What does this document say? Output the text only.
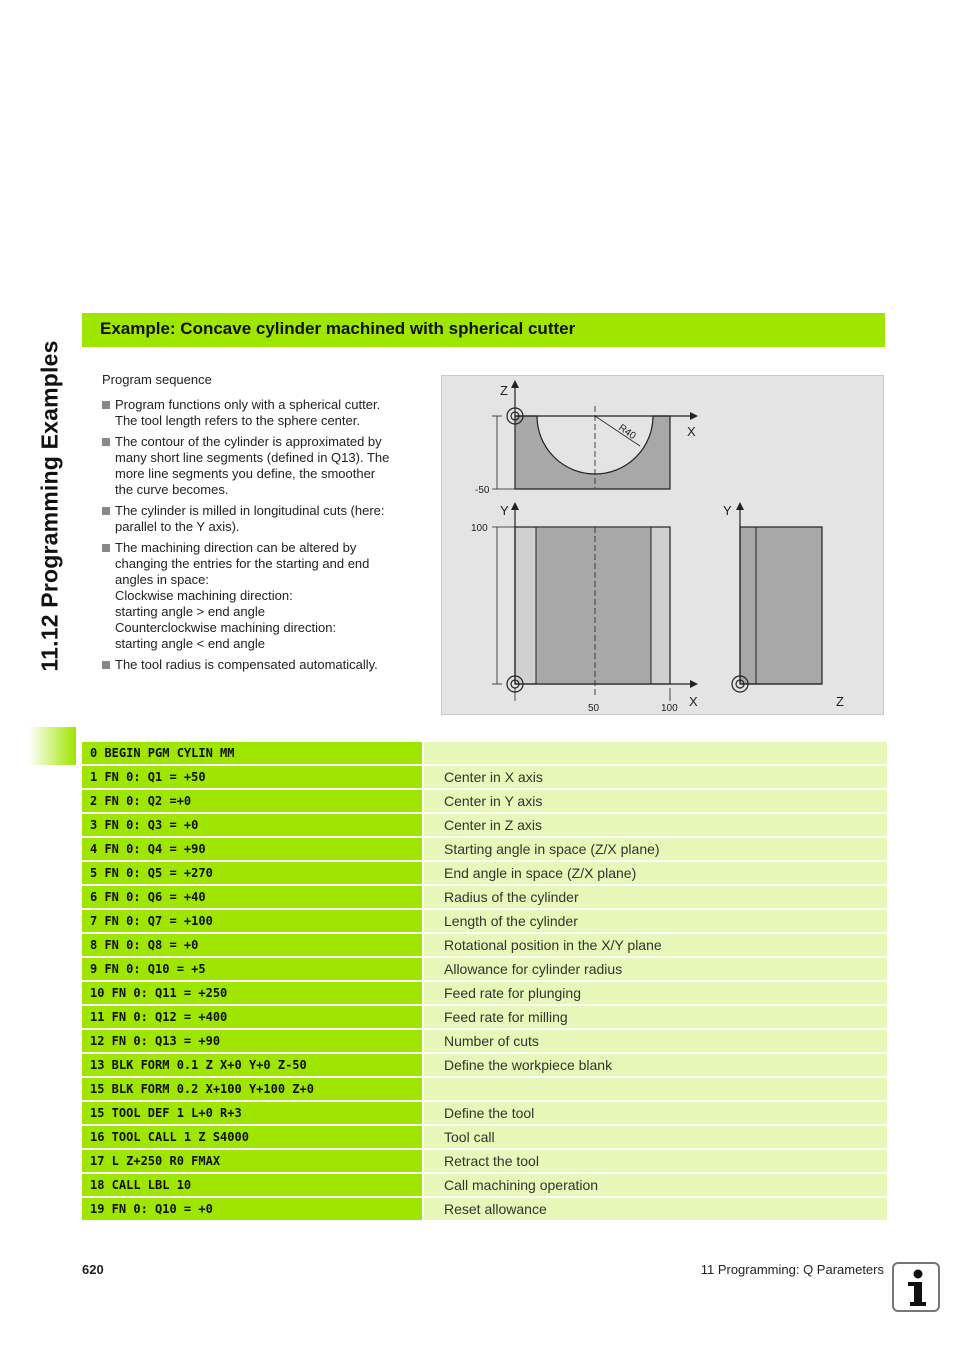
11.12 Programming Examples
Example: Concave cylinder machined with spherical cutter
Program sequence
Program functions only with a spherical cutter.
The tool length refers to the sphere center.
The contour of the cylinder is approximated by
many short line segments (defined in Q13). The
more line segments you define, the smoother
the curve becomes.
The cylinder is milled in longitudinal cuts (here:
parallel to the Y axis).
The machining direction can be altered by
changing the entries for the starting and end
angles in space:
Clockwise machining direction:
starting angle > end angle
Counterclockwise machining direction:
starting angle < end angle
The tool radius is compensated automatically.
Z
X
R40
-50
Y
X
100
50	100
Y
Z
0 BEGIN PGM CYLIN MM
1 FN 0: Q1 = +50	Center in X axis
2 FN 0: Q2 =+0	Center in Y axis
3 FN 0: Q3 = +0	Center in Z axis
4 FN 0: Q4 = +90	Starting angle in space (Z/X plane)
5 FN 0: Q5 = +270	End angle in space (Z/X plane)
6 FN 0: Q6 = +40	Radius of the cylinder
7 FN 0: Q7 = +100	Length of the cylinder
8 FN 0: Q8 = +0	Rotational position in the X/Y plane
9 FN 0: Q10 = +5	Allowance for cylinder radius
10 FN 0: Q11 = +250	Feed rate for plunging
11 FN 0: Q12 = +400	Feed rate for milling
12 FN 0: Q13 = +90	Number of cuts
13 BLK FORM 0.1 Z X+0 Y+0 Z-50	Define the workpiece blank
15 BLK FORM 0.2 X+100 Y+100 Z+0
15 TOOL DEF 1 L+0 R+3	Define the tool
16 TOOL CALL 1 Z S4000	Tool call
17 L Z+250 R0 FMAX	Retract the tool
18 CALL LBL 10	Call machining operation
19 FN 0: Q10 = +0	Reset allowance
620	11 Programming: Q Parameters
